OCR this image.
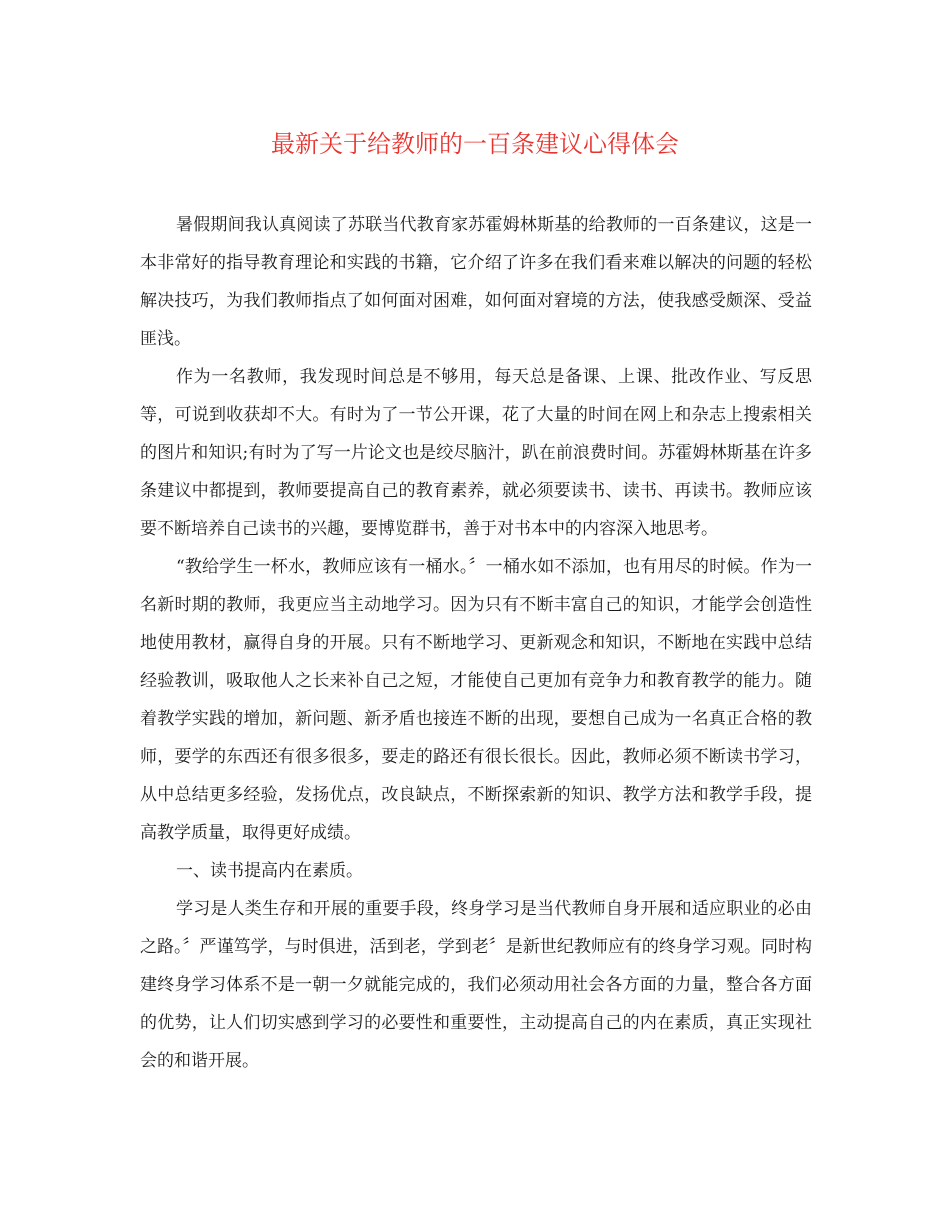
最新关于给教师的一百条建议心得体会

暑假期间我认真阅读了苏联当代教育家苏霍姆林斯基的给教师的一百条建议，这是一本非常好的指导教育理论和实践的书籍，它介绍了许多在我们看来难以解决的问题的轻松解决技巧，为我们教师指点了如何面对困难，如何面对窘境的方法，使我感受颇深、受益匪浅。

作为一名教师，我发现时间总是不够用，每天总是备课、上课、批改作业、写反思等，可说到收获却不大。有时为了一节公开课，花了大量的时间在网上和杂志上搜索相关的图片和知识;有时为了写一片论文也是绞尽脑汁，趴在前浪费时间。苏霍姆林斯基在许多条建议中都提到，教师要提高自己的教育素养，就必须要读书、读书、再读书。教师应该要不断培养自己读书的兴趣，要博览群书，善于对书本中的内容深入地思考。

“教给学生一杯水，教师应该有一桶水。〞一桶水如不添加，也有用尽的时候。作为一名新时期的教师，我更应当主动地学习。因为只有不断丰富自己的知识，才能学会创造性地使用教材，赢得自身的开展。只有不断地学习、更新观念和知识，不断地在实践中总结经验教训，吸取他人之长来补自己之短，才能使自己更加有竞争力和教育教学的能力。随着教学实践的增加，新问题、新矛盾也接连不断的出现，要想自己成为一名真正合格的教师，要学的东西还有很多很多，要走的路还有很长很长。因此，教师必须不断读书学习，从中总结更多经验，发扬优点，改良缺点，不断探索新的知识、教学方法和教学手段，提高教学质量，取得更好成绩。

一、读书提高内在素质。

学习是人类生存和开展的重要手段，终身学习是当代教师自身开展和适应职业的必由之路。〞严谨笃学，与时俱进，活到老，学到老〞是新世纪教师应有的终身学习观。同时构建终身学习体系不是一朝一夕就能完成的，我们必须动用社会各方面的力量，整合各方面的优势，让人们切实感到学习的必要性和重要性，主动提高自己的内在素质，真正实现社会的和谐开展。
